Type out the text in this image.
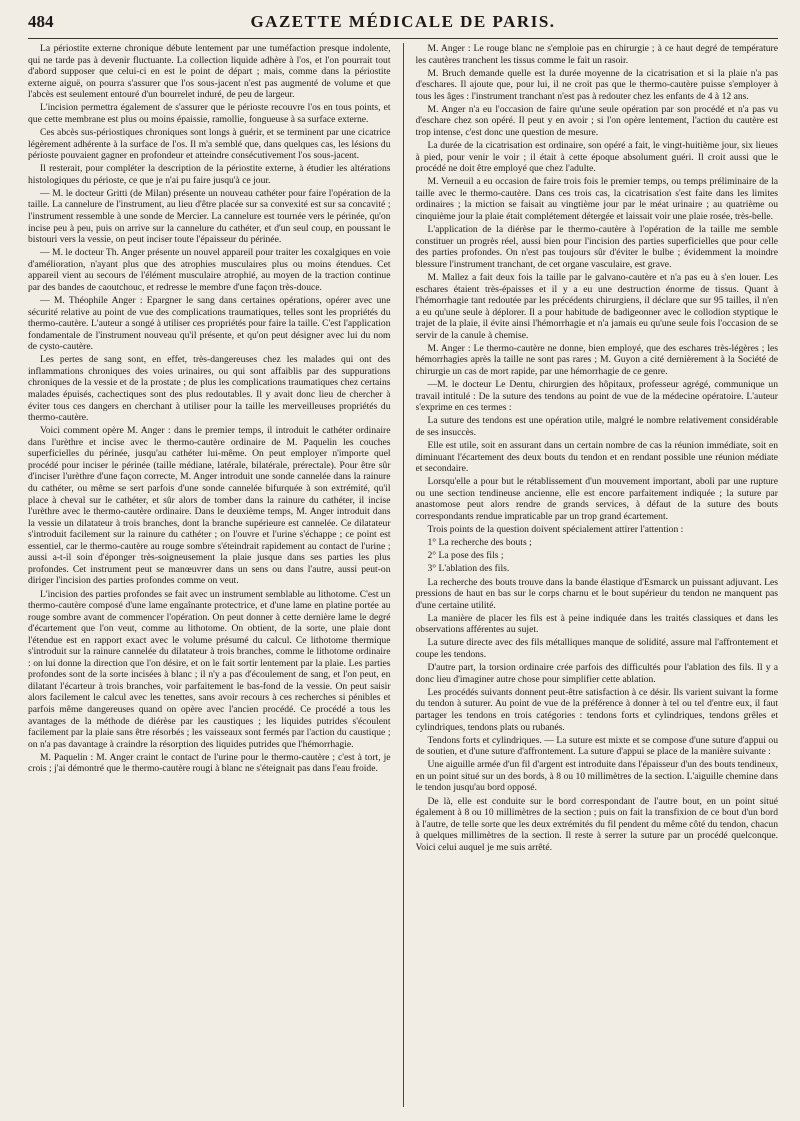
484	GAZETTE MÉDICALE DE PARIS.

La périostite externe chronique débute lentement par une tuméfaction presque indolente, qui ne tarde pas à devenir fluctuante. La collection liquide adhère à l'os, et l'on pourrait tout d'abord supposer que celui-ci en est le point de départ ; mais, comme dans la périostite externe aiguë, on pourra s'assurer que l'os sous-jacent n'est pas augmenté de volume et que l'abcès est seulement entouré d'un bourrelet induré, de peu de largeur.

L'incision permettra également de s'assurer que le périoste recouvre l'os en tous points, et que cette membrane est plus ou moins épaissie, ramollie, fongueuse à sa surface externe.

Ces abcès sus-périostiques chroniques sont longs à guérir, et se terminent par une cicatrice légèrement adhérente à la surface de l'os. Il m'a semblé que, dans quelques cas, les lésions du périoste pouvaient gagner en profondeur et atteindre consécutivement l'os sous-jacent.

Il resterait, pour compléter la description de la périostite externe, à étudier les altérations histologiques du périoste, ce que je n'ai pu faire jusqu'à ce jour.

— M. le docteur Gritti (de Milan) présente un nouveau cathéter pour faire l'opération de la taille. La cannelure de l'instrument, au lieu d'être placée sur sa convexité est sur sa concavité ; l'instrument ressemble à une sonde de Mercier. La cannelure est tournée vers le périnée, qu'on incise peu à peu, puis on arrive sur la cannelure du cathéter, et d'un seul coup, en poussant le bistouri vers la vessie, on peut inciser toute l'épaisseur du périnée.

— M. le docteur Th. Anger présente un nouvel appareil pour traiter les coxalgiques en voie d'amélioration, n'ayant plus que des atrophies musculaires plus ou moins étendues. Cet appareil vient au secours de l'élément musculaire atrophié, au moyen de la traction continue par des bandes de caoutchouc, et redresse le membre d'une façon très-douce.

— M. Théophile Anger : Epargner le sang dans certaines opérations, opérer avec une sécurité relative au point de vue des complications traumatiques, telles sont les propriétés du thermo-cautère. L'auteur a songé à utiliser ces propriétés pour faire la taille. C'est l'application fondamentale de l'instrument nouveau qu'il présente, et qu'on peut désigner avec lui du nom de cysto-cautère.

Les pertes de sang sont, en effet, très-dangereuses chez les malades qui ont des inflammations chroniques des voies urinaires, ou qui sont affaiblis par des suppurations chroniques de la vessie et de la prostate ; de plus les complications traumatiques chez certains malades épuisés, cachectiques sont des plus redoutables. Il y avait donc lieu de chercher à éviter tous ces dangers en cherchant à utiliser pour la taille les merveilleuses propriétés du thermo-cautère.

Voici comment opère M. Anger : dans le premier temps, il introduit le cathéter ordinaire dans l'urèthre et incise avec le thermo-cautère ordinaire de M. Paquelin les couches superficielles du périnée, jusqu'au cathéter lui-même. On peut employer n'importe quel procédé pour inciser le périnée (taille médiane, latérale, bilatérale, prérectale). Pour être sûr d'inciser l'urèthre d'une façon correcte, M. Anger introduit une sonde cannelée dans la rainure du cathéter, ou même se sert parfois d'une sonde cannelée bifurquée à son extrémité, qu'il place à cheval sur le cathéter, et sûr alors de tomber dans la rainure du cathéter, il incise l'urèthre avec le thermo-cautère ordinaire. Dans le deuxième temps, M. Anger introduit dans la vessie un dilatateur à trois branches, dont la branche supérieure est cannelée. Ce dilatateur s'introduit facilement sur la rainure du cathéter ; on l'ouvre et l'urine s'échappe ; ce point est essentiel, car le thermo-cautère au rouge sombre s'éteindrait rapidement au contact de l'urine ; aussi a-t-il soin d'éponger très-soigneusement la plaie jusque dans ses parties les plus profondes. Cet instrument peut se manœuvrer dans un sens ou dans l'autre, aussi peut-on diriger l'incision des parties profondes comme on veut.

L'incision des parties profondes se fait avec un instrument semblable au lithotome. C'est un thermo-cautère composé d'une lame engaînante protectrice, et d'une lame en platine portée au rouge sombre avant de commencer l'opération. On peut donner à cette dernière lame le degré d'écartement que l'on veut, comme au lithotome. On obtient, de la sorte, une plaie dont l'étendue est en rapport exact avec le volume présumé du calcul. Ce lithotome thermique s'introduit sur la rainure cannelée du dilatateur à trois branches, comme le lithotome ordinaire : on lui donne la direction que l'on désire, et on le fait sortir lentement par la plaie. Les parties profondes sont de la sorte incisées à blanc ; il n'y a pas d'écoulement de sang, et l'on peut, en dilatant l'écarteur à trois branches, voir parfaitement le bas-fond de la vessie. On peut saisir alors facilement le calcul avec les tenettes, sans avoir recours à ces recherches si pénibles et parfois même dangereuses quand on opère avec l'ancien procédé. Ce procédé a tous les avantages de la méthode de diérèse par les caustiques ; les liquides putrides s'écoulent facilement par la plaie sans être résorbés ; les vaisseaux sont fermés par l'action du caustique ; on n'a pas davantage à craindre la résorption des liquides putrides que l'hémorrhagie.

M. Paquelin : M. Anger craint le contact de l'urine pour le thermo-cautère ; c'est à tort, je crois ; j'ai démontré que le thermo-cautère rougi à blanc ne s'éteignait pas dans l'eau froide.

M. Anger : Le rouge blanc ne s'emploie pas en chirurgie ; à ce haut degré de température les cautères tranchent les tissus comme le fait un rasoir.

M. Bruch demande quelle est la durée moyenne de la cicatrisation et si la plaie n'a pas d'eschares. Il ajoute que, pour lui, il ne croit pas que le thermo-cautère puisse s'employer à tous les âges : l'instrument tranchant n'est pas à redouter chez les enfants de 4 à 12 ans.

M. Anger n'a eu l'occasion de faire qu'une seule opération par son procédé et n'a pas vu d'eschare chez son opéré. Il peut y en avoir ; si l'on opère lentement, l'action du cautère est trop intense, c'est donc une question de mesure.

La durée de la cicatrisation est ordinaire, son opéré a fait, le vingt-huitième jour, six lieues à pied, pour venir le voir ; il était à cette époque absolument guéri. Il croit aussi que le procédé ne doit être employé que chez l'adulte.

M. Verneuil a eu occasion de faire trois fois le premier temps, ou temps préliminaire de la taille avec le thermo-cautère. Dans ces trois cas, la cicatrisation s'est faite dans les limites ordinaires ; la miction se faisait au vingtième jour par le méat urinaire ; au quatrième ou cinquième jour la plaie était complétement détergée et laissait voir une plaie rosée, très-belle.

L'application de la diérèse par le thermo-cautère à l'opération de la taille me semble constituer un progrès réel, aussi bien pour l'incision des parties superficielles que pour celle des parties profondes. On n'est pas toujours sûr d'éviter le bulbe ; évidemment la moindre blessure l'instrument tranchant, de cet organe vasculaire, est grave.

M. Mallez a fait deux fois la taille par le galvano-cautère et n'a pas eu à s'en louer. Les eschares étaient très-épaisses et il y a eu une destruction énorme de tissus. Quant à l'hémorrhagie tant redoutée par les précédents chirurgiens, il déclare que sur 95 tailles, il n'en a eu qu'une seule à déplorer. Il a pour habitude de badigeonner avec le collodion styptique le trajet de la plaie, il évite ainsi l'hémorrhagie et n'a jamais eu qu'une seule fois l'occasion de se servir de la canule à chemise.

M. Anger : Le thermo-cautère ne donne, bien employé, que des eschares très-légères ; les hémorrhagies après la taille ne sont pas rares ; M. Guyon a cité dernièrement à la Société de chirurgie un cas de mort rapide, par une hémorrhagie de ce genre.

—M. le docteur Le Dentu, chirurgien des hôpitaux, professeur agrégé, communique un travail intitulé : De la suture des tendons au point de vue de la médecine opératoire. L'auteur s'exprime en ces termes :

La suture des tendons est une opération utile, malgré le nombre relativement considérable de ses insuccès.

Elle est utile, soit en assurant dans un certain nombre de cas la réunion immédiate, soit en diminuant l'écartement des deux bouts du tendon et en rendant possible une réunion médiate et secondaire.

Lorsqu'elle a pour but le rétablissement d'un mouvement important, aboli par une rupture ou une section tendineuse ancienne, elle est encore parfaitement indiquée ; la suture par anastomose peut alors rendre de grands services, à défaut de la suture des bouts correspondants rendue impraticable par un trop grand écartement.

Trois points de la question doivent spécialement attirer l'attention :

1° La recherche des bouts ;

2° La pose des fils ;

3° L'ablation des fils.

La recherche des bouts trouve dans la bande élastique d'Esmarck un puissant adjuvant. Les pressions de haut en bas sur le corps charnu et le bout supérieur du tendon ne manquent pas d'une certaine utilité.

La manière de placer les fils est à peine indiquée dans les traités classiques et dans les observations afférentes au sujet.

La suture directe avec des fils métalliques manque de solidité, assure mal l'affrontement et coupe les tendons.

D'autre part, la torsion ordinaire crée parfois des difficultés pour l'ablation des fils. Il y a donc lieu d'imaginer autre chose pour simplifier cette ablation.

Les procédés suivants donnent peut-être satisfaction à ce désir. Ils varient suivant la forme du tendon à suturer. Au point de vue de la préférence à donner à tel ou tel d'entre eux, il faut partager les tendons en trois catégories : tendons forts et cylindriques, tendons grêles et cylindriques, tendons plats ou rubanés.

Tendons forts et cylindriques. — La suture est mixte et se compose d'une suture d'appui ou de soutien, et d'une suture d'affrontement. La suture d'appui se place de la manière suivante :

Une aiguille armée d'un fil d'argent est introduite dans l'épaisseur d'un des bouts tendineux, en un point situé sur un des bords, à 8 ou 10 millimètres de la section. L'aiguille chemine dans le tendon jusqu'au bord opposé.

De là, elle est conduite sur le bord correspondant de l'autre bout, en un point situé également à 8 ou 10 millimètres de la section ; puis on fait la transfixion de ce bout d'un bord à l'autre, de telle sorte que les deux extrémités du fil pendent du même côté du tendon, chacun à quelques millimètres de la section. Il reste à serrer la suture par un procédé quelconque. Voici celui auquel je me suis arrêté.
